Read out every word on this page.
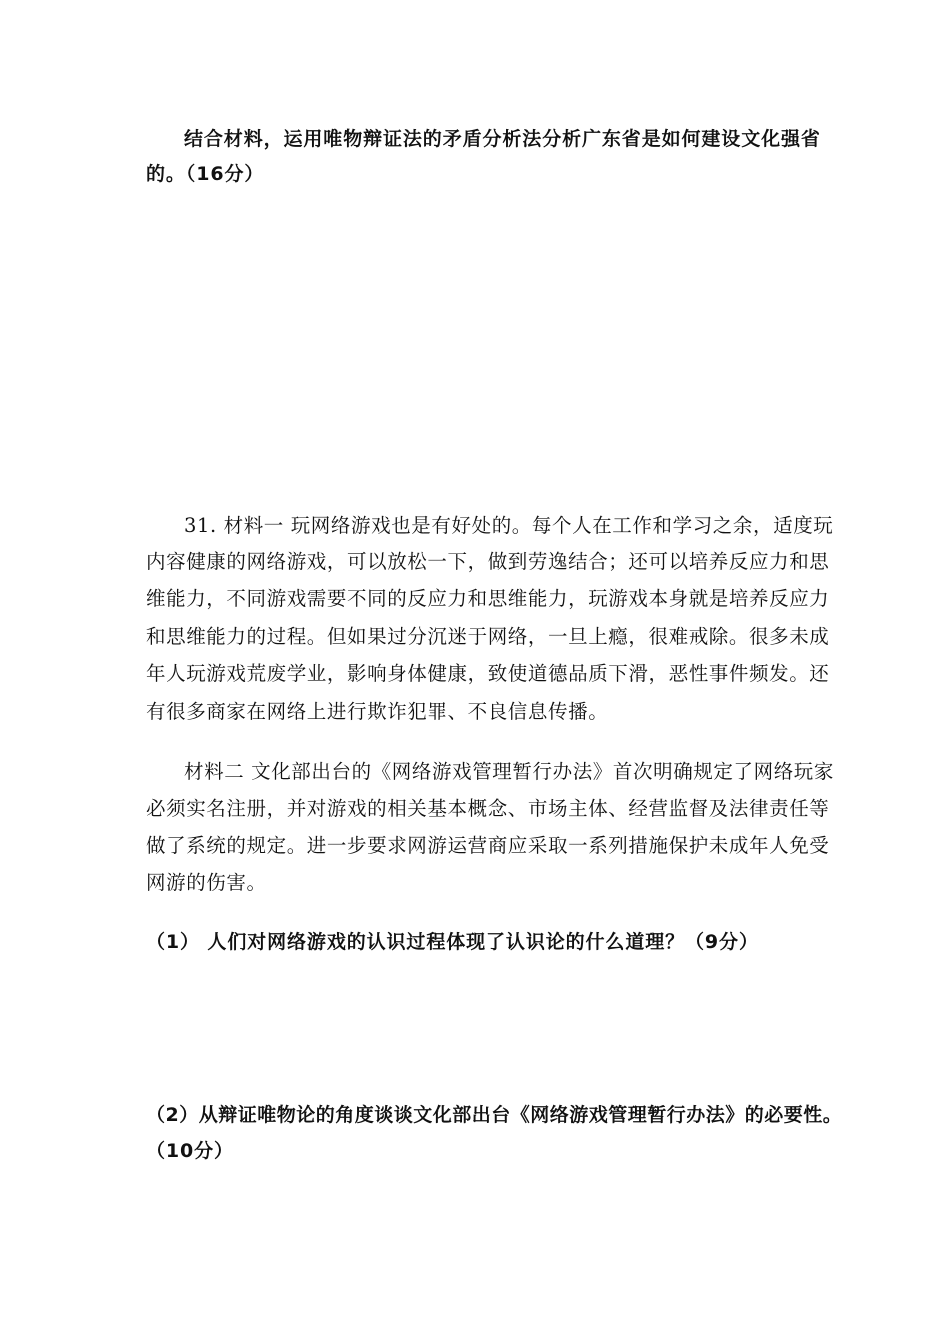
结合材料，运用唯物辩证法的矛盾分析法分析广东省是如何建设文化强省
的。（16分）
31. 材料一 玩网络游戏也是有好处的。每个人在工作和学习之余，适度玩
内容健康的网络游戏，可以放松一下，做到劳逸结合；还可以培养反应力和思
维能力，不同游戏需要不同的反应力和思维能力，玩游戏本身就是培养反应力
和思维能力的过程。但如果过分沉迷于网络，一旦上瘾，很难戒除。很多未成
年人玩游戏荒废学业，影响身体健康，致使道德品质下滑，恶性事件频发。还
有很多商家在网络上进行欺诈犯罪、不良信息传播。
材料二 文化部出台的《网络游戏管理暂行办法》首次明确规定了网络玩家
必须实名注册，并对游戏的相关基本概念、市场主体、经营监督及法律责任等
做了系统的规定。进一步要求网游运营商应采取一系列措施保护未成年人免受
网游的伤害。
（1） 人们对网络游戏的认识过程体现了认识论的什么道理？（9分）
（2）从辩证唯物论的角度谈谈文化部出台《网络游戏管理暂行办法》的必要性。
（10分）
